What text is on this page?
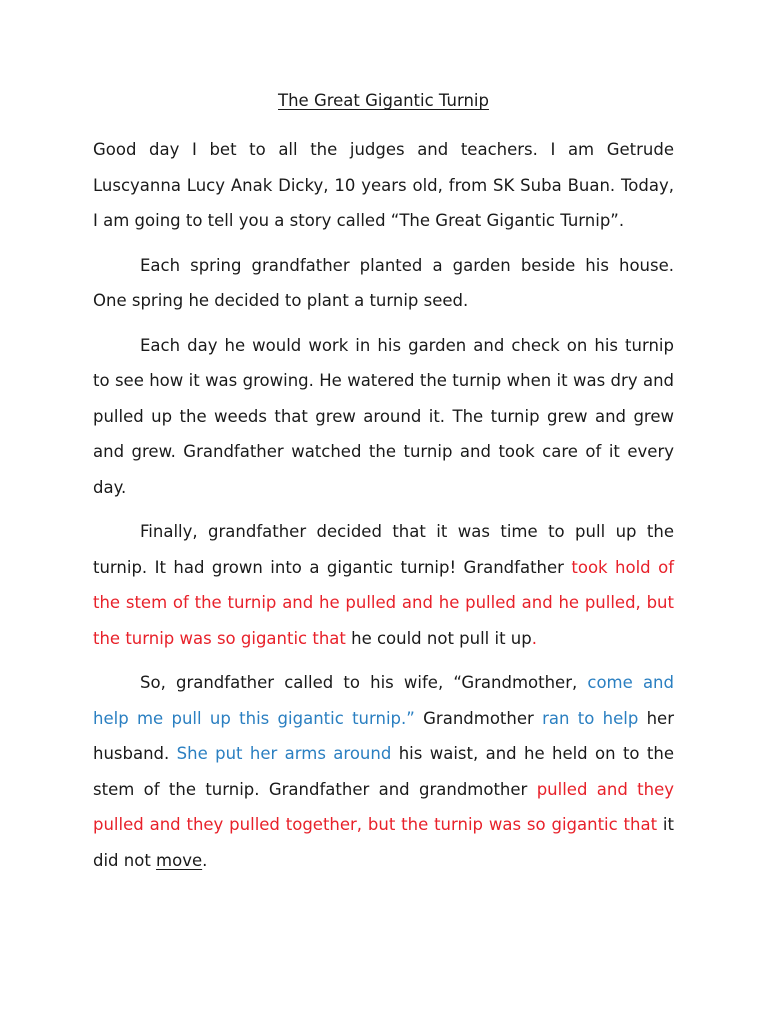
The Great Gigantic Turnip

Good day I bet to all the judges and teachers. I am Getrude Luscyanna Lucy Anak Dicky, 10 years old, from SK Suba Buan. Today, I am going to tell you a story called “The Great Gigantic Turnip”.

Each spring grandfather planted a garden beside his house. One spring he decided to plant a turnip seed.

Each day he would work in his garden and check on his turnip to see how it was growing. He watered the turnip when it was dry and pulled up the weeds that grew around it. The turnip grew and grew and grew. Grandfather watched the turnip and took care of it every day.

Finally, grandfather decided that it was time to pull up the turnip. It had grown into a gigantic turnip! Grandfather took hold of the stem of the turnip and he pulled and he pulled and he pulled, but the turnip was so gigantic that he could not pull it up.

So, grandfather called to his wife, “Grandmother, come and help me pull up this gigantic turnip.” Grandmother ran to help her husband. She put her arms around his waist, and he held on to the stem of the turnip. Grandfather and grandmother pulled and they pulled and they pulled together, but the turnip was so gigantic that it did not move.
